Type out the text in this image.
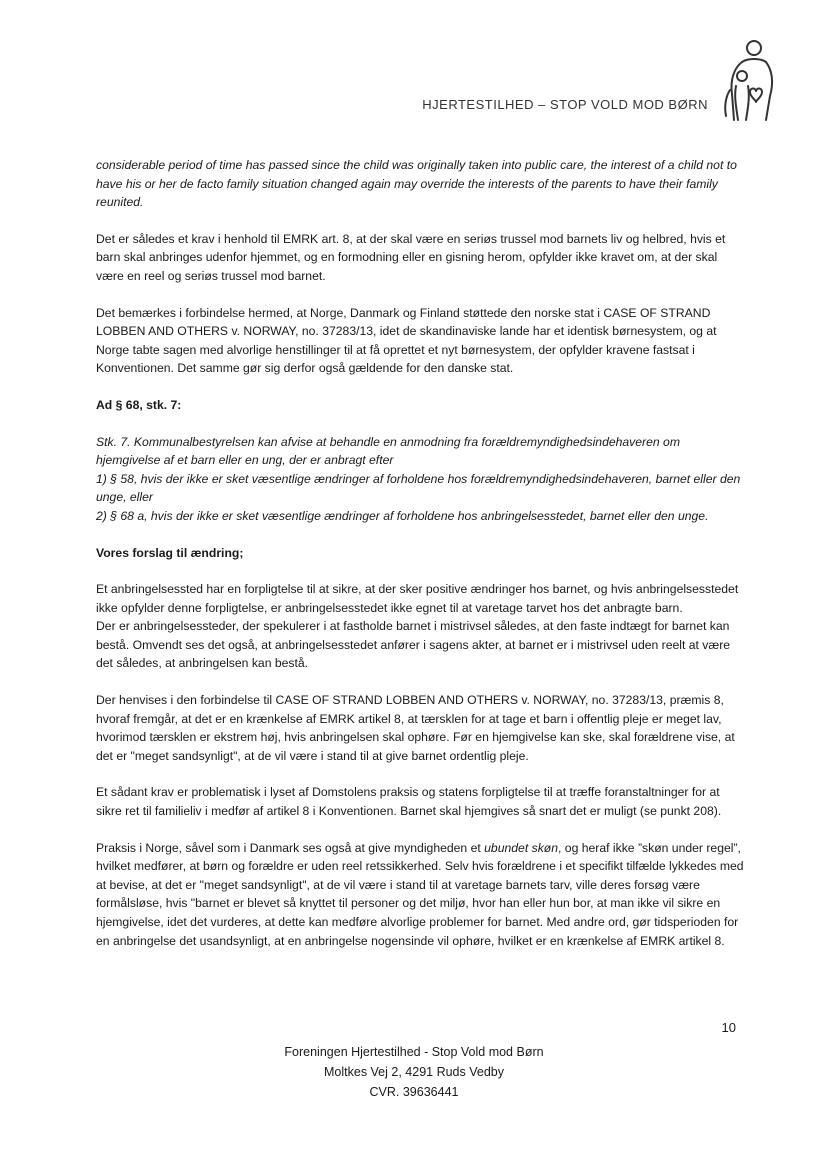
HJERTESTILHED – STOP VOLD MOD BØRN

considerable period of time has passed since the child was originally taken into public care, the interest of a child not to have his or her de facto family situation changed again may override the interests of the parents to have their family reunited.

Det er således et krav i henhold til EMRK art. 8, at der skal være en seriøs trussel mod barnets liv og helbred, hvis et barn skal anbringes udenfor hjemmet, og en formodning eller en gisning herom, opfylder ikke kravet om, at der skal være en reel og seriøs trussel mod barnet.

Det bemærkes i forbindelse hermed, at Norge, Danmark og Finland støttede den norske stat i CASE OF STRAND LOBBEN AND OTHERS v. NORWAY, no. 37283/13, idet de skandinaviske lande har et identisk børnesystem, og at Norge tabte sagen med alvorlige henstillinger til at få oprettet et nyt børnesystem, der opfylder kravene fastsat i Konventionen. Det samme gør sig derfor også gældende for den danske stat.

Ad § 68, stk. 7:

Stk. 7. Kommunalbestyrelsen kan afvise at behandle en anmodning fra forældremyndighedsindehaveren om hjemgivelse af et barn eller en ung, der er anbragt efter
1) § 58, hvis der ikke er sket væsentlige ændringer af forholdene hos forældremyndighedsindehaveren, barnet eller den unge, eller
2) § 68 a, hvis der ikke er sket væsentlige ændringer af forholdene hos anbringelsesstedet, barnet eller den unge.

Vores forslag til ændring;

Et anbringelsessted har en forpligtelse til at sikre, at der sker positive ændringer hos barnet, og hvis anbringelsesstedet ikke opfylder denne forpligtelse, er anbringelsesstedet ikke egnet til at varetage tarvet hos det anbragte barn.
Der er anbringelsessteder, der spekulerer i at fastholde barnet i mistrivsel således, at den faste indtægt for barnet kan bestå. Omvendt ses det også, at anbringelsesstedet anfører i sagens akter, at barnet er i mistrivsel uden reelt at være det således, at anbringelsen kan bestå.

Der henvises i den forbindelse til CASE OF STRAND LOBBEN AND OTHERS v. NORWAY, no. 37283/13, præmis 8, hvoraf fremgår, at det er en krænkelse af EMRK artikel 8, at tærsklen for at tage et barn i offentlig pleje er meget lav, hvorimod tærsklen er ekstrem høj, hvis anbringelsen skal ophøre. Før en hjemgivelse kan ske, skal forældrene vise, at det er "meget sandsynligt", at de vil være i stand til at give barnet ordentlig pleje.

Et sådant krav er problematisk i lyset af Domstolens praksis og statens forpligtelse til at træffe foranstaltninger for at sikre ret til familieliv i medfør af artikel 8 i Konventionen. Barnet skal hjemgives så snart det er muligt (se punkt 208).

Praksis i Norge, såvel som i Danmark ses også at give myndigheden et ubundet skøn, og heraf ikke ”skøn under regel”, hvilket medfører, at børn og forældre er uden reel retssikkerhed. Selv hvis forældrene i et specifikt tilfælde lykkedes med at bevise, at det er "meget sandsynligt", at de vil være i stand til at varetage barnets tarv, ville deres forsøg være formålsløse, hvis "barnet er blevet så knyttet til personer og det miljø, hvor han eller hun bor, at man ikke vil sikre en hjemgivelse, idet det vurderes, at dette kan medføre alvorlige problemer for barnet. Med andre ord, gør tidsperioden for en anbringelse det usandsynligt, at en anbringelse nogensinde vil ophøre, hvilket er en krænkelse af EMRK artikel 8.

10
Foreningen Hjertestilhed - Stop Vold mod Børn
Moltkes Vej 2, 4291 Ruds Vedby
CVR. 39636441
